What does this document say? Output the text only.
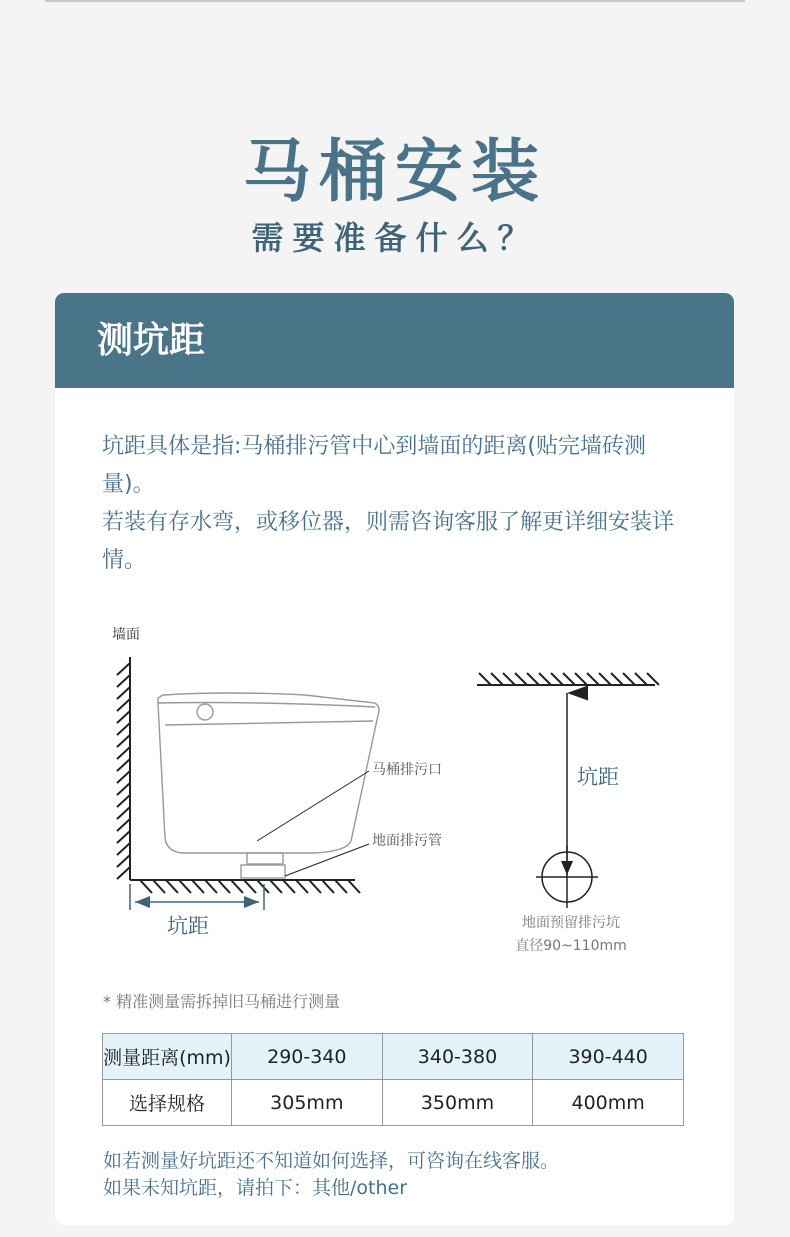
马桶安装
需要准备什么？
测坑距

坑距具体是指:马桶排污管中心到墙面的距离(贴完墙砖测量)。

若装有存水弯，或移位器，则需咨询客服了解更详细安装详情。

墙面
马桶排污口
地面排污管
坑距
坑距
地面预留排污坑
直径90~110mm
* 精准测量需拆掉旧马桶进行测量
测量距离(mm)	290-340	340-380	390-440
选择规格	305mm	350mm	400mm

如若测量好坑距还不知道如何选择，可咨询在线客服。

如果未知坑距，请拍下：其他/other
